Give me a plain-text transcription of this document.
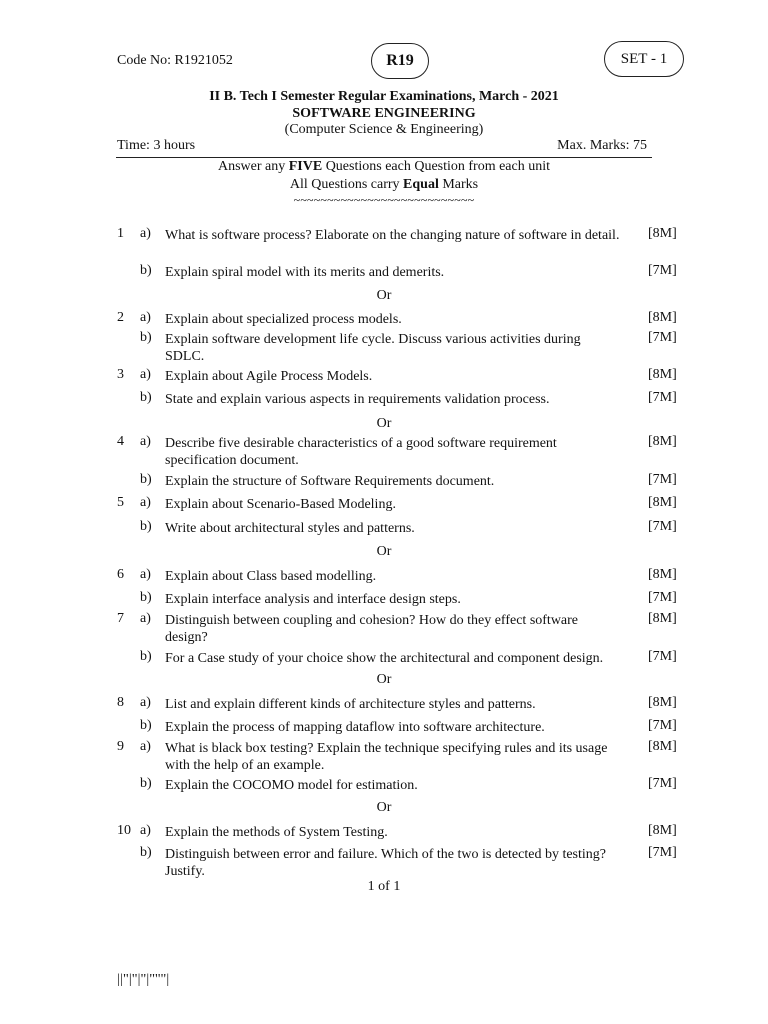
Code No: R1921052	R19	SET - 1
II B. Tech I Semester Regular Examinations, March - 2021
SOFTWARE ENGINEERING
(Computer Science & Engineering)
Time: 3 hours	Max. Marks: 75
Answer any FIVE Questions each Question from each unit
All Questions carry Equal Marks
~~~~~~~~~~~~~~~~~~~~~~~~~~~
1 a) What is software process? Elaborate on the changing nature of software in detail. [8M]
b) Explain spiral model with its merits and demerits.	[7M]
2 a) Explain about specialized process models.	[8M]
b) Explain software development life cycle. Discuss various activities during SDLC.
[7M]
3 a) Explain about Agile Process Models.	[8M]
b) State and explain various aspects in requirements validation process.	[7M]
4 a) Describe five desirable characteristics of a good software requirement specification document.
[8M]
b) Explain the structure of Software Requirements document.	[7M]
5 a) Explain about Scenario-Based Modeling.	[8M]
b) Write about architectural styles and patterns.	[7M]
6 a) Explain about Class based modelling.	[8M]
b) Explain interface analysis and interface design steps.	[7M]
7 a) Distinguish between coupling and cohesion? How do they effect software design?
[8M]
b) For a Case study of your choice show the architectural and component design.	[7M]
8 a) List and explain different kinds of architecture styles and patterns.	[8M]
b) Explain the process of mapping dataflow into software architecture.	[7M]
9 a) What is black box testing? Explain the technique specifying rules and its usage with the help of an example.
[8M]
b) Explain the COCOMO model for estimation.	[7M]
10 a) Explain the methods of System Testing.	[8M]
b) Distinguish between error and failure. Which of the two is detected by testing? Justify.
[7M]
Or
Or
Or
Or
Or
1 of 1
||''|''|''|''''''|
